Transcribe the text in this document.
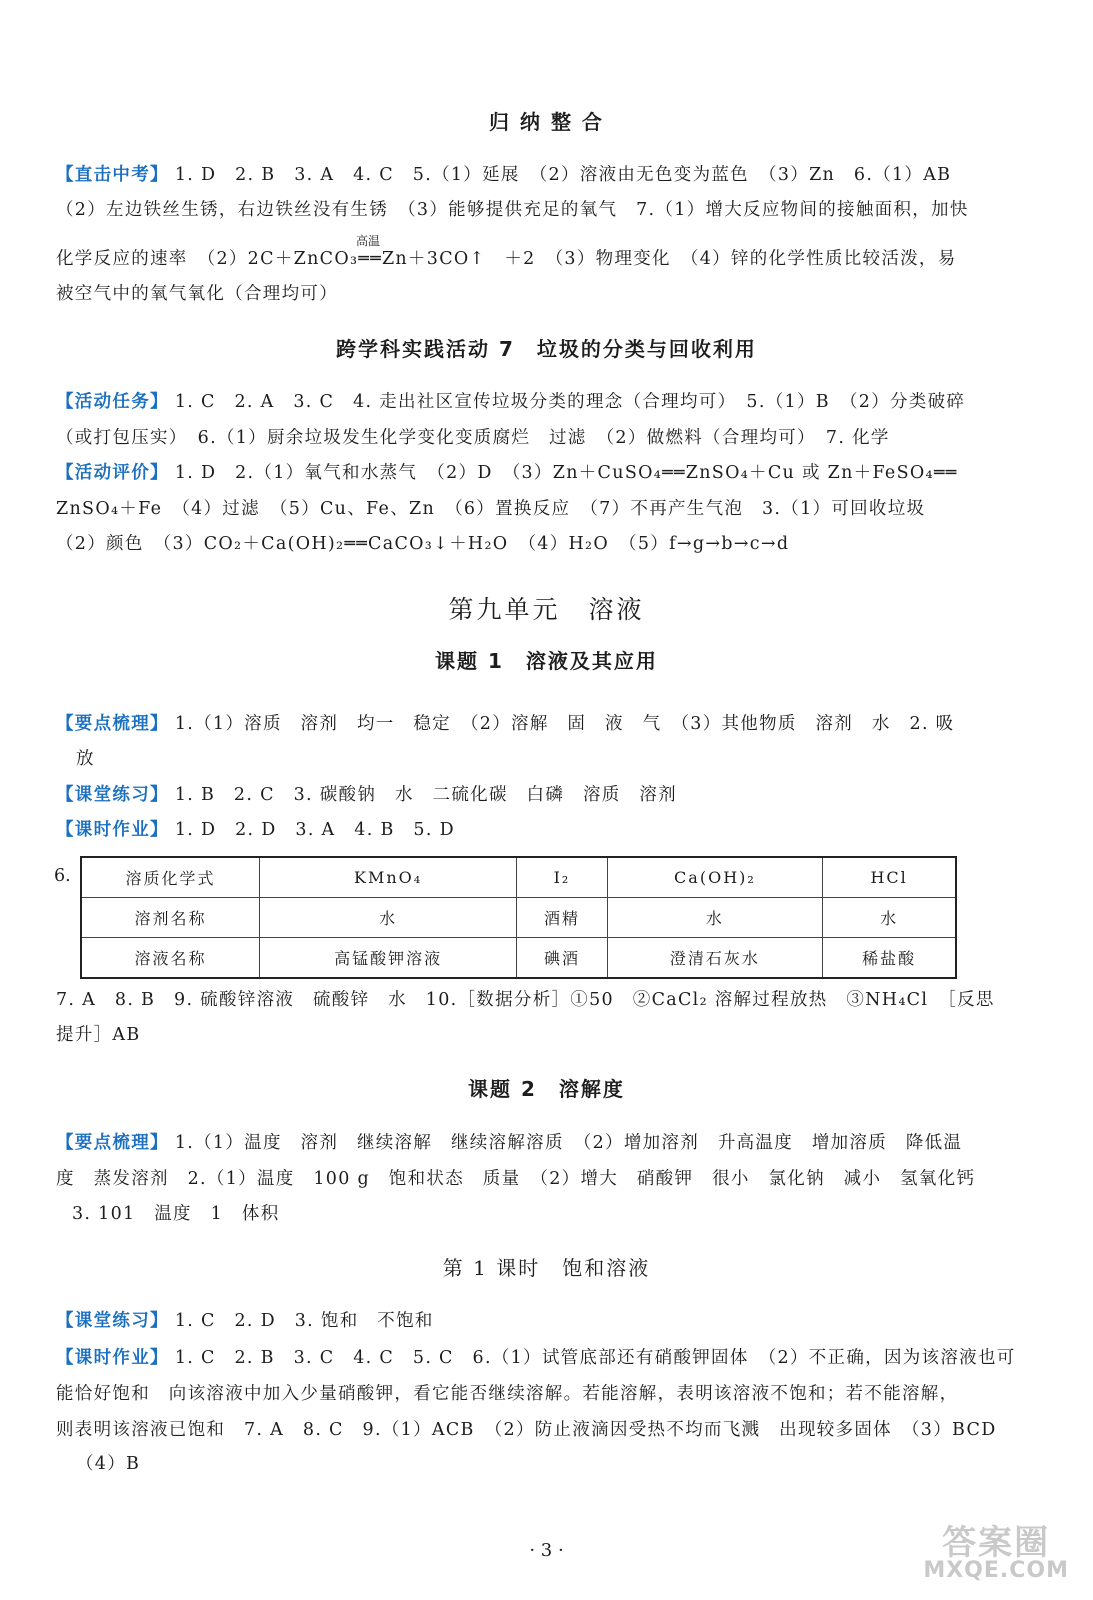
归 纳 整 合
【直击中考】 1. D　2. B　3. A　4. C　5.（1）延展　（2）溶液由无色变为蓝色　（3）Zn　6.（1）AB
（2）左边铁丝生锈，右边铁丝没有生锈　（3）能够提供充足的氧气　7.（1）增大反应物间的接触面积，加快
化学反应的速率　（2）2C＋ZnCO₃══Zn＋3CO↑　＋2　（3）物理变化　（4）锌的化学性质比较活泼，易
高温
被空气中的氧气氧化（合理均可）
跨学科实践活动 7　垃圾的分类与回收利用
【活动任务】 1. C　2. A　3. C　4. 走出社区宣传垃圾分类的理念（合理均可）　5.（1）B　（2）分类破碎
（或打包压实）　6.（1）厨余垃圾发生化学变化变质腐烂　过滤　（2）做燃料（合理均可）　7. 化学
【活动评价】 1. D　2.（1）氧气和水蒸气　（2）D　（3）Zn＋CuSO₄══ZnSO₄＋Cu 或 Zn＋FeSO₄══
ZnSO₄＋Fe　（4）过滤　（5）Cu、Fe、Zn　（6）置换反应　（7）不再产生气泡　3.（1）可回收垃圾
（2）颜色　（3）CO₂＋Ca(OH)₂══CaCO₃↓＋H₂O　（4）H₂O　（5）f→g→b→c→d
第九单元　溶液
课题 1　溶液及其应用
【要点梳理】 1.（1）溶质　溶剂　均一　稳定　（2）溶解　固　液　气　（3）其他物质　溶剂　水　2. 吸
放
【课堂练习】 1. B　2. C　3. 碳酸钠　水　二硫化碳　白磷　溶质　溶剂
【课时作业】 1. D　2. D　3. A　4. B　5. D
6.	溶质化学式	KMnO₄	I₂	Ca(OH)₂	HCl
溶剂名称	水	酒精	水	水
溶液名称	高锰酸钾溶液	碘酒	澄清石灰水	稀盐酸
7. A　8. B　9. 硫酸锌溶液　硫酸锌　水　10.［数据分析］①50　②CaCl₂ 溶解过程放热　③NH₄Cl　［反思
提升］AB
课题 2　溶解度
【要点梳理】 1.（1）温度　溶剂　继续溶解　继续溶解溶质　（2）增加溶剂　升高温度　增加溶质　降低温
度　蒸发溶剂　2.（1）温度　100 g　饱和状态　质量　（2）增大　硝酸钾　很小　氯化钠　减小　氢氧化钙
3. 101　温度　1　体积
第 1 课时　饱和溶液
【课堂练习】 1. C　2. D　3. 饱和　不饱和
【课时作业】 1. C　2. B　3. C　4. C　5. C　6.（1）试管底部还有硝酸钾固体　（2）不正确，因为该溶液也可
能恰好饱和　向该溶液中加入少量硝酸钾，看它能否继续溶解。若能溶解，表明该溶液不饱和；若不能溶解，
则表明该溶液已饱和　7. A　8. C　9.（1）ACB　（2）防止液滴因受热不均而飞溅　出现较多固体　（3）BCD
（4）B
· 3 ·	答案圈
MXQE.COM
